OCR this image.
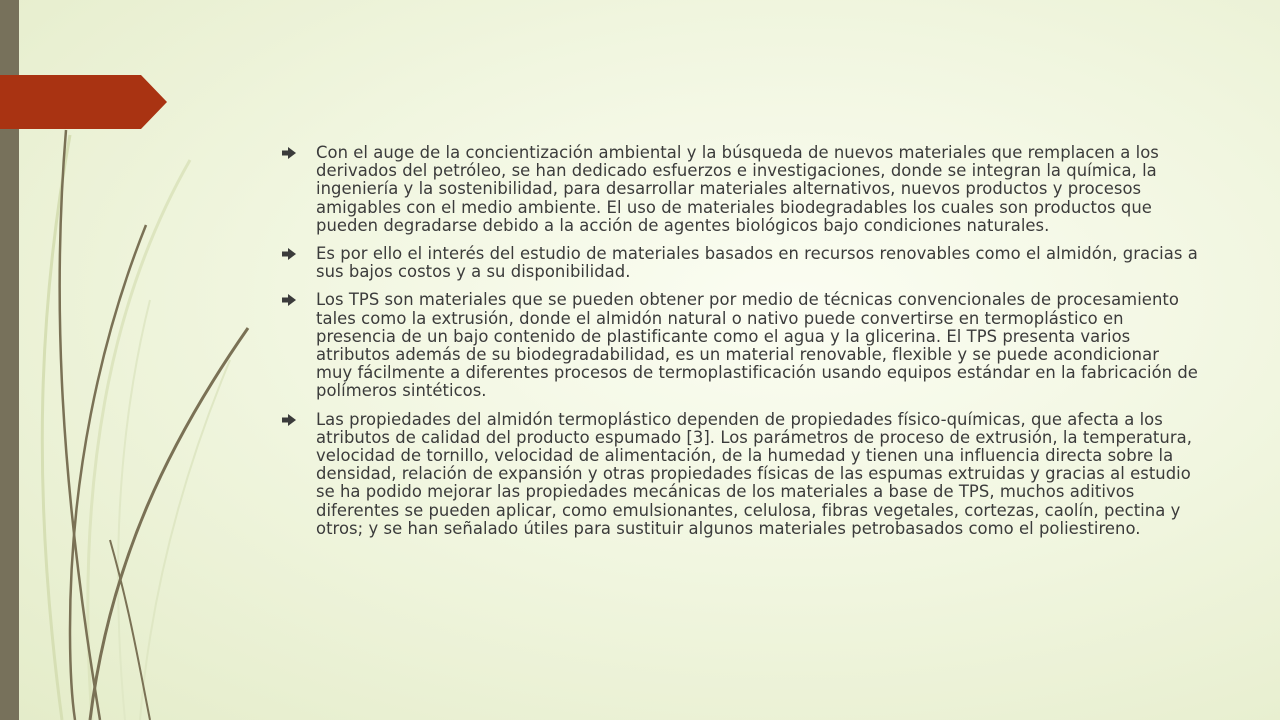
Con el auge de la concientización ambiental y la búsqueda de nuevos materiales que remplacen a los derivados del petróleo, se han dedicado esfuerzos e investigaciones, donde se integran la química, la ingeniería y la sostenibilidad, para desarrollar materiales alternativos, nuevos productos y procesos amigables con el medio ambiente. El uso de materiales biodegradables los cuales son productos que pueden degradarse debido a la acción de agentes biológicos bajo condiciones naturales.
Es por ello el interés del estudio de materiales basados en recursos renovables como el almidón, gracias a sus bajos costos y a su disponibilidad.
Los TPS son materiales que se pueden obtener por medio de técnicas convencionales de procesamiento tales como la extrusión, donde el almidón natural o nativo puede convertirse en termoplástico en presencia de un bajo contenido de plastificante como el agua y la glicerina. El TPS presenta varios atributos además de su biodegradabilidad, es un material renovable, flexible y se puede acondicionar muy fácilmente a diferentes procesos de termoplastificación usando equipos estándar en la fabricación de polímeros sintéticos.
Las propiedades del almidón termoplástico dependen de propiedades físico-químicas, que afecta a los atributos de calidad del producto espumado [3]. Los parámetros de proceso de extrusión, la temperatura, velocidad de tornillo, velocidad de alimentación, de la humedad y tienen una influencia directa sobre la densidad, relación de expansión y otras propiedades físicas de las espumas extruidas y gracias al estudio se ha podido mejorar las propiedades mecánicas de los materiales a base de TPS, muchos aditivos diferentes se pueden aplicar, como emulsionantes, celulosa, fibras vegetales, cortezas, caolín, pectina y otros; y se han señalado útiles para sustituir algunos materiales petrobasados como el poliestireno.
